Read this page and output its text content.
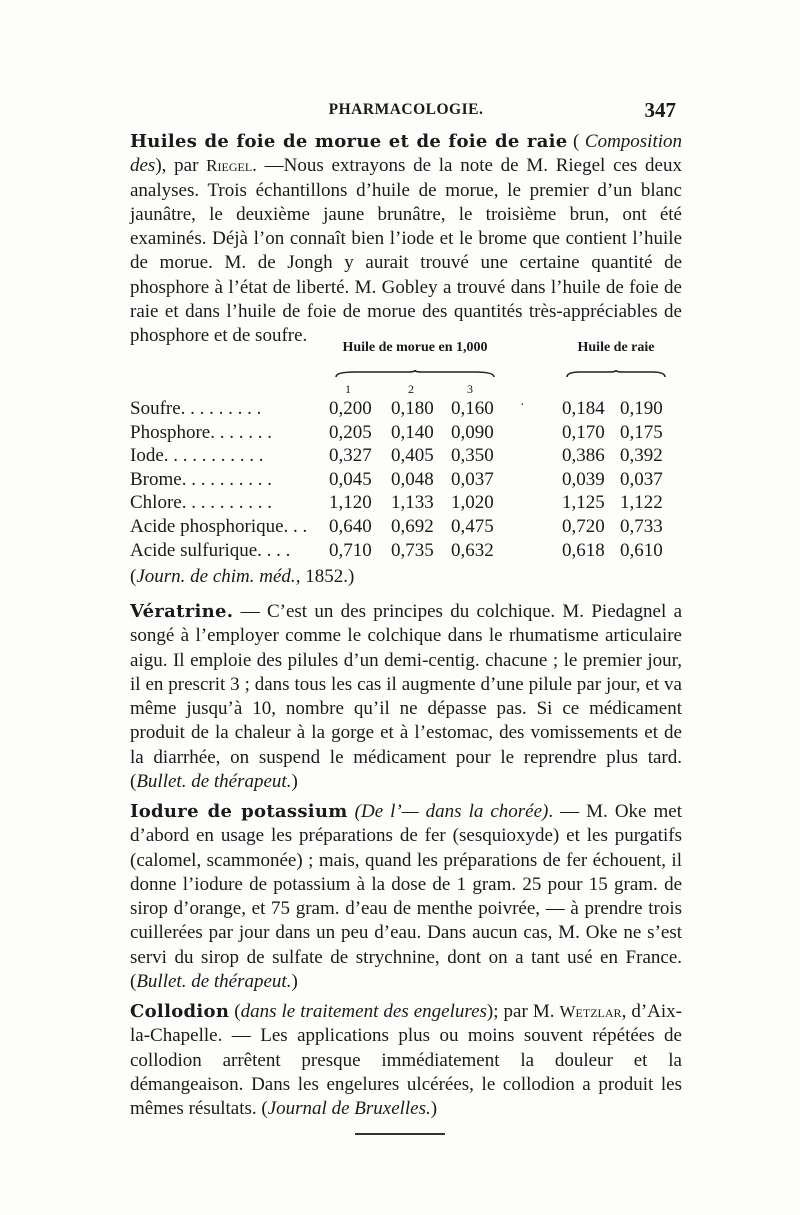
PHARMACOLOGIE.	347

Huiles de foie de morue et de foie de raie ( Composition des), par Riegel. —Nous extrayons de la note de M. Riegel ces deux analyses. Trois échantillons d’huile de morue, le premier d’un blanc jaunâtre, le deuxième jaune brunâtre, le troisième brun, ont été examinés. Déjà l’on connaît bien l’iode et le brome que contient l’huile de morue. M. de Jongh y aurait trouvé une certaine quantité de phosphore à l’état de liberté. M. Gobley a trouvé dans l’huile de foie de raie et dans l’huile de foie de morue des quantités très-appréciables de phosphore et de soufre.

Huile de morue en 1,000	Huile de raie
1	2	3
Soufre. . . . . . . . .	0,200	0,180 0,160	0,184 0,190
·
Phosphore. . . . . . .	0,205	0,140 0,090	0,170 0,175
Iode. . . . . . . . . . .	0,327	0,405 0,350	0,386 0,392
Brome. . . . . . . . . .	0,045	0,048 0,037	0,039 0,037
Chlore. . . . . . . . . .	1,120	1,133 1,020	1,125 1,122
Acide phosphorique. . . 0,640	0,692 0,475	0,720 0,733
Acide sulfurique. . . . 0,710	0,735 0,632	0,618 0,610
(Journ. de chim. méd., 1852.)

Vératrine. — C’est un des principes du colchique. M. Piedagnel a songé à l’employer comme le colchique dans le rhumatisme articulaire aigu. Il emploie des pilules d’un demi-centig. chacune ; le premier jour, il en prescrit 3 ; dans tous les cas il augmente d’une pilule par jour, et va même jusqu’à 10, nombre qu’il ne dépasse pas. Si ce médicament produit de la chaleur à la gorge et à l’estomac, des vomissements et de la diarrhée, on suspend le médicament pour le reprendre plus tard. (Bullet. de thérapeut.)

Iodure de potassium (De l’— dans la chorée). — M. Oke met d’abord en usage les préparations de fer (sesquioxyde) et les purgatifs (calomel, scammonée) ; mais, quand les préparations de fer échouent, il donne l’iodure de potassium à la dose de 1 gram. 25 pour 15 gram. de sirop d’orange, et 75 gram. d’eau de menthe poivrée, — à prendre trois cuillerées par jour dans un peu d’eau. Dans aucun cas, M. Oke ne s’est servi du sirop de sulfate de strychnine, dont on a tant usé en France. (Bullet. de thérapeut.)

Collodion (dans le traitement des engelures); par M. Wetzlar, d’Aix-la-Chapelle. — Les applications plus ou moins souvent répétées de collodion arrêtent presque immédiatement la douleur et la démangeaison. Dans les engelures ulcérées, le collodion a produit les mêmes résultats. (Journal de Bruxelles.)
